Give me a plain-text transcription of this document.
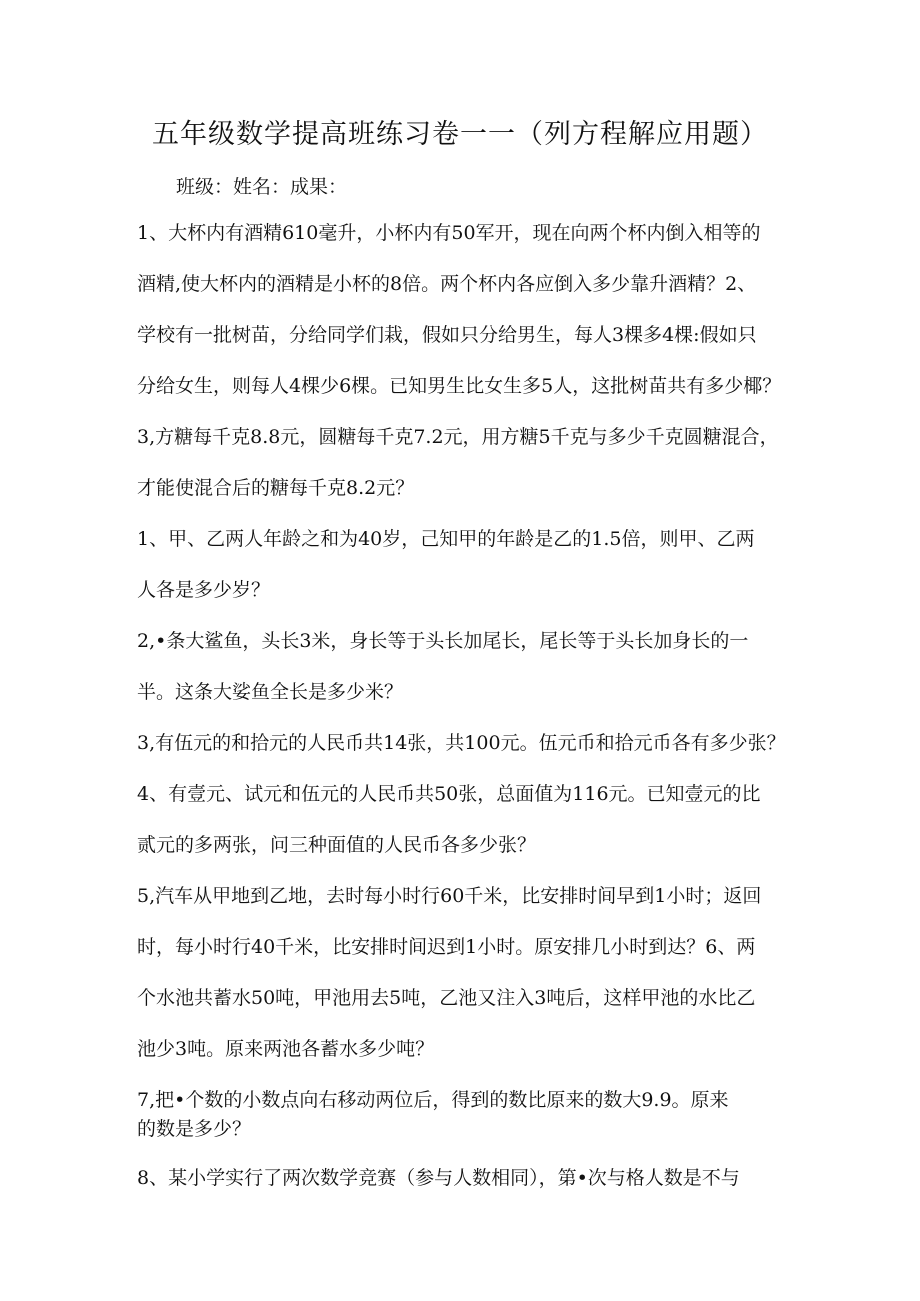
五年级数学提高班练习卷一一（列方程解应用题）
班级：姓名：成果：
1、大杯内有酒精610毫升，小杯内有50军开，现在向两个杯内倒入相等的
酒精,使大杯内的酒精是小杯的8倍。两个杯内各应倒入多少靠升酒精？2、
学校有一批树苗，分给同学们栽，假如只分给男生，每人3棵多4棵:假如只
分给女生，则每人4棵少6棵。已知男生比女生多5人，这批树苗共有多少椰？
3,方糖每千克8.8元，圆糖每千克7.2元，用方糖5千克与多少千克圆糖混合，
才能使混合后的糖每千克8.2元？
1、甲、乙两人年龄之和为40岁，己知甲的年龄是乙的1.5倍，则甲、乙两
人各是多少岁？
2,•条大鲨鱼，头长3米，身长等于头长加尾长，尾长等于头长加身长的一
半。这条大娑鱼全长是多少米？
3,有伍元的和拾元的人民币共14张，共100元。伍元币和拾元币各有多少张？
4、有壹元、试元和伍元的人民币共50张，总面值为116元。已知壹元的比
贰元的多两张，问三种面值的人民币各多少张？
5,汽车从甲地到乙地，去时每小时行60千米，比安排时间早到1小时；返回
时，每小时行40千米，比安排时间迟到1小时。原安排几小时到达？6、两
个水池共蓄水50吨，甲池用去5吨，乙池又注入3吨后，这样甲池的水比乙
池少3吨。原来两池各蓄水多少吨？
7,把•个数的小数点向右移动两位后，得到的数比原来的数大9.9。原来
的数是多少？
8、某小学实行了两次数学竞赛（参与人数相同），第•次与格人数是不与
